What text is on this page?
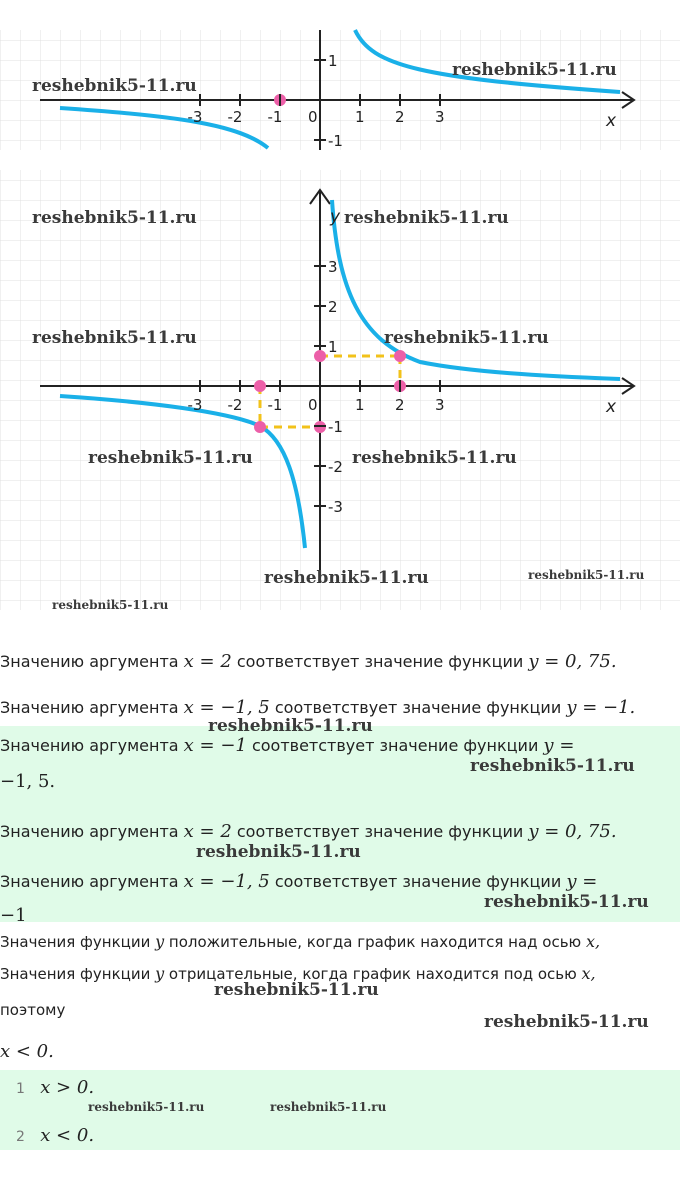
-3 -2 -1 0 1 2 3
1
-1
x
-3 -2 -1 0 1 2 3
3
2
1
-1
-2
-3
x
y
reshebnik5-11.ru
reshebnik5-11.ru
reshebnik5-11.ru	reshebnik5-11.ru
reshebnik5-11.ru	reshebnik5-11.ru
reshebnik5-11.ru	reshebnik5-11.ru
reshebnik5-11.ru	reshebnik5-11.ru
reshebnik5-11.ru
Значению аргумента x = 2 соответствует значение функции y = 0, 75.
Значению аргумента x = −1, 5 соответствует значение функции y = −1.
Значению аргумента x = −1 соответствует значение функции y =
−1, 5.
Значению аргумента x = 2 соответствует значение функции y = 0, 75.
Значению аргумента x = −1, 5 соответствует значение функции y =
−1
Значения функции y положительные, когда график находится над осью x,
Значения функции y отрицательные, когда график находится под осью x,
поэтому
x < 0.
1 x > 0.
2 x < 0.
reshebnik5-11.ru
reshebnik5-11.ru
reshebnik5-11.ru
reshebnik5-11.ru
reshebnik5-11.ru
reshebnik5-11.ru
reshebnik5-11.ru	reshebnik5-11.ru
